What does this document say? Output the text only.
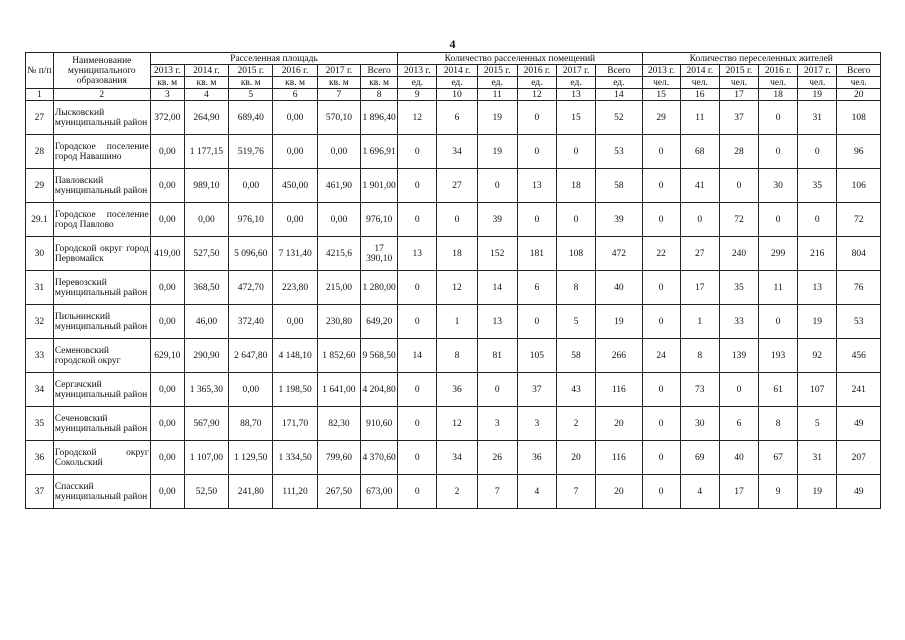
4
№ п/п	Наименование муниципального образования	Расселенная площадь						Количество расселенных помещений						Количество переселенных жителей					
		2013 г.	2014 г.	2015 г.	2016 г.	2017 г.	Всего	2013 г.	2014 г.	2015 г.	2016 г.	2017 г.	Всего	2013 г.	2014 г.	2015 г.	2016 г.	2017 г.	Всего
		кв. м	кв. м	кв. м	кв. м	кв. м	кв. м	ед.	ед.	ед.	ед.	ед.	ед.	чел.	чел.	чел.	чел.	чел.	чел.
1	2	3	4	5	6	7	8	9	10	11	12	13	14	15	16	17	18	19	20
27	Лысковский муниципальный район	372,00	264,90	689,40	0,00	570,10	1 896,40	12	6	19	0	15	52	29	11	37	0	31	108
28	Городское поселение город Навашино	0,00	1 177,15	519,76	0,00	0,00	1 696,91	0	34	19	0	0	53	0	68	28	0	0	96
29	Павловский муниципальный район	0,00	989,10	0,00	450,00	461,90	1 901,00	0	27	0	13	18	58	0	41	0	30	35	106
29.1	Городское поселение город Павлово	0,00	0,00	976,10	0,00	0,00	976,10	0	0	39	0	0	39	0	0	72	0	0	72
30	Городской округ город Первомайск	419,00	527,50	5 096,60	7 131,40	4215,6	17 390,10	13	18	152	181	108	472	22	27	240	299	216	804
31	Перевозский муниципальный район	0,00	368,50	472,70	223,80	215,00	1 280,00	0	12	14	6	8	40	0	17	35	11	13	76
32	Пильнинский муниципальный район	0,00	46,00	372,40	0,00	230,80	649,20	0	1	13	0	5	19	0	1	33	0	19	53
33	Семеновский городской округ	629,10	290,90	2 647,80	4 148,10	1 852,60	9 568,50	14	8	81	105	58	266	24	8	139	193	92	456
34	Сергачский муниципальный район	0,00	1 365,30	0,00	1 198,50	1 641,00	4 204,80	0	36	0	37	43	116	0	73	0	61	107	241
35	Сеченовский муниципальный район	0,00	567,90	88,70	171,70	82,30	910,60	0	12	3	3	2	20	0	30	6	8	5	49
36	Городской округ Сокольский	0,00	1 107,00	1 129,50	1 334,50	799,60	4 370,60	0	34	26	36	20	116	0	69	40	67	31	207
37	Спасский муниципальный район	0,00	52,50	241,80	111,20	267,50	673,00	0	2	7	4	7	20	0	4	17	9	19	49
